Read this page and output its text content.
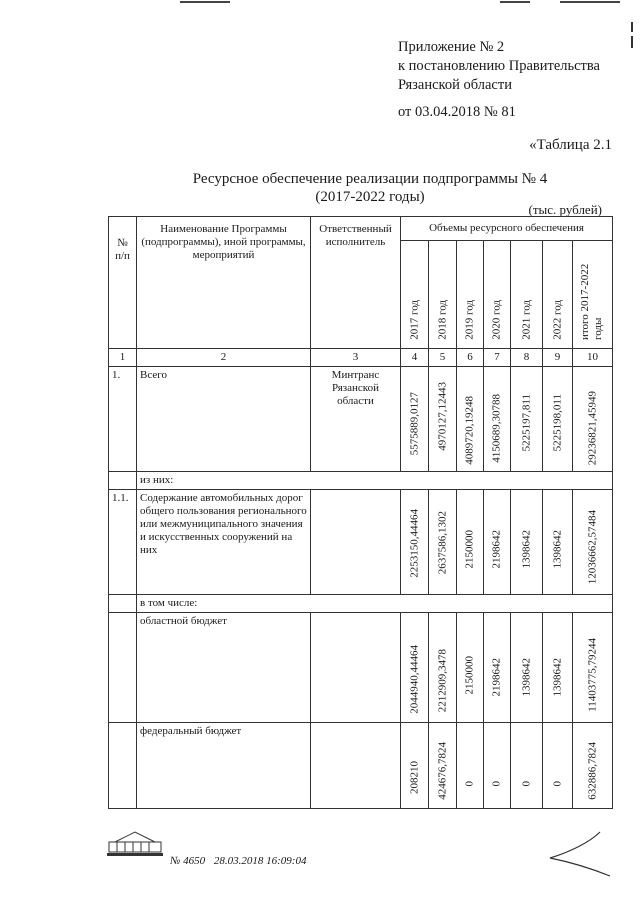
Приложение № 2
к постановлению Правительства
Рязанской области
от 03.04.2018 № 81
«Таблица 2.1
Ресурсное обеспечение реализации подпрограммы № 4
(2017-2022 годы)
(тыс. рублей)
№ п/п	Наименование Программы (подпрограммы), иной программы, мероприятий	Ответственный исполнитель	Объемы ресурсного обеспечения						

			2017 год	2018 год	2019 год	2020 год	2021 год	2022 год	итого 2017-2022 годы

1	2	3	4	5	6	7	8	9	10
1.	Всего	Минтранс Рязанской области	5575889,0127	4970127,12443	4089720,19248	4150689,30788	5225197,811	5225198,011	29236821,45949

	из них:								
1.1.	Содержание автомобильных дорог общего пользования регионального или межмуниципального значения и искусственных сооружений на них		2253150,44464	2637586,1302	2150000	2198642	1398642	1398642	12036662,57484

	в том числе:								
	областной бюджет		2044940,44464	2212909,3478	2150000	2198642	1398642	1398642	11403775,79244

	федеральный бюджет		208210	424676,7824	0	0	0	0	632886,7824
№ 4650 28.03.2018 16:09:04
